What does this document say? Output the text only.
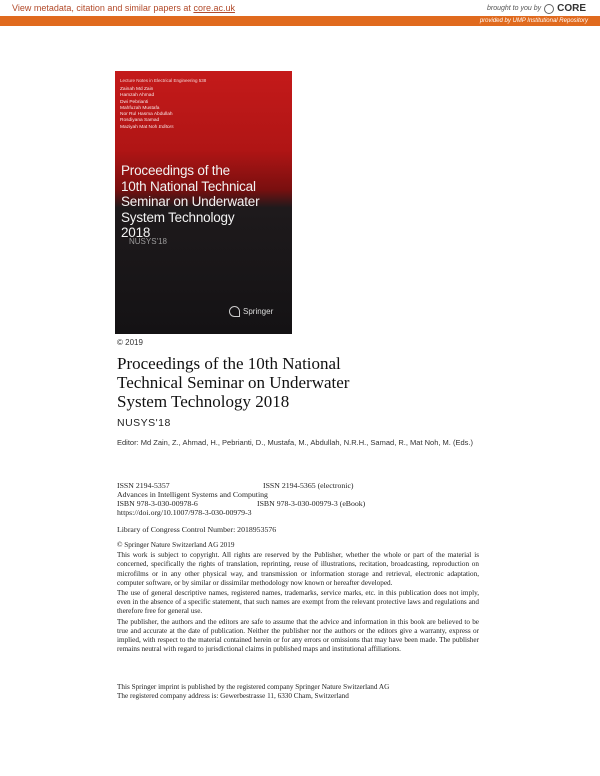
View metadata, citation and similar papers at core.ac.uk	brought to you by CORE
provided by UMP Institutional Repository
Lecture Notes in Electrical Engineering 538
Zainah Md Zain
Hamzah Ahmad
Dwi Pebrianti
Mahfuzah Mustafa
Nor Rul Hasma Abdullah
Rosdiyana Samad
Maziyah Mat Noh Editors
Proceedings of the
10th National Technical
Seminar on Underwater
System Technology
2018
NUSYS'18
Springer
© 2019
Proceedings of the 10th National
Technical Seminar on Underwater
System Technology 2018
NUSYS'18
Editor: Md Zain, Z., Ahmad, H., Pebrianti, D., Mustafa, M., Abdullah, N.R.H., Samad, R., Mat Noh, M. (Eds.)
ISSN 2194-5357	ISSN 2194-5365 (electronic)
Advances in Intelligent Systems and Computing
ISBN 978-3-030-00978-6	ISBN 978-3-030-00979-3 (eBook)
https://doi.org/10.1007/978-3-030-00979-3
Library of Congress Control Number: 2018953576

© Springer Nature Switzerland AG 2019

This work is subject to copyright. All rights are reserved by the Publisher, whether the whole or part of the material is concerned, specifically the rights of translation, reprinting, reuse of illustrations, recitation, broadcasting, reproduction on microfilms or in any other physical way, and transmission or information storage and retrieval, electronic adaptation, computer software, or by similar or dissimilar methodology now known or hereafter developed.

The use of general descriptive names, registered names, trademarks, service marks, etc. in this publication does not imply, even in the absence of a specific statement, that such names are exempt from the relevant protective laws and regulations and therefore free for general use.

The publisher, the authors and the editors are safe to assume that the advice and information in this book are believed to be true and accurate at the date of publication. Neither the publisher nor the authors or the editors give a warranty, express or implied, with respect to the material contained herein or for any errors or omissions that may have been made. The publisher remains neutral with regard to jurisdictional claims in published maps and institutional affiliations.

This Springer imprint is published by the registered company Springer Nature Switzerland AG

The registered company address is: Gewerbestrasse 11, 6330 Cham, Switzerland
